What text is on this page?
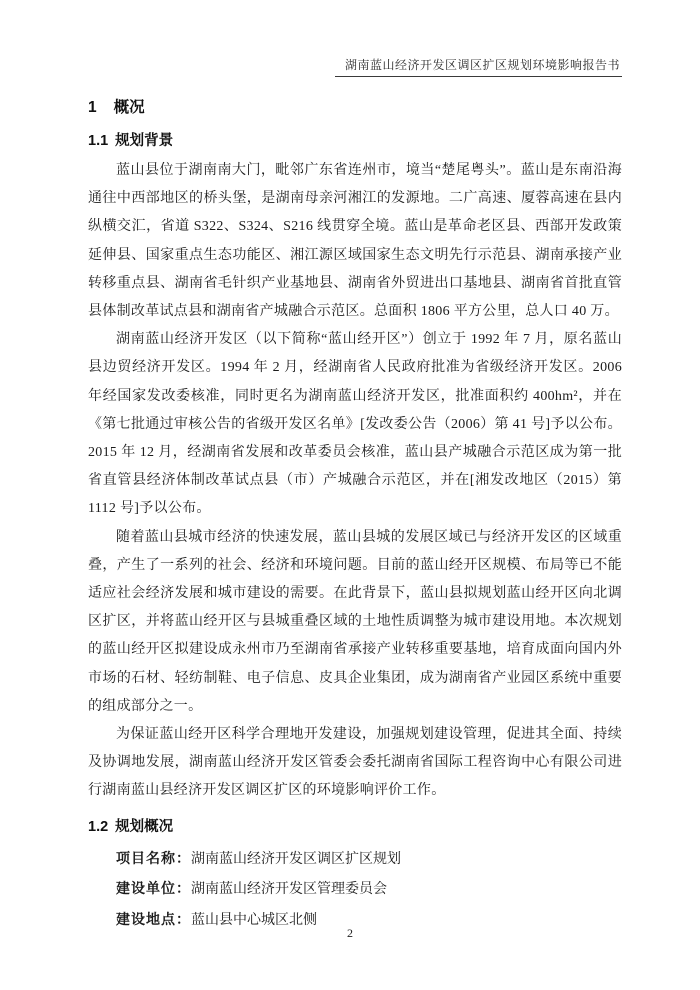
湖南蓝山经济开发区调区扩区规划环境影响报告书
1 概况
1.1 规划背景

蓝山县位于湖南南大门，毗邻广东省连州市，境当“楚尾粤头”。蓝山是东南沿海通往中西部地区的桥头堡，是湖南母亲河湘江的发源地。二广高速、厦蓉高速在县内纵横交汇，省道 S322、S324、S216 线贯穿全境。蓝山是革命老区县、西部开发政策延伸县、国家重点生态功能区、湘江源区域国家生态文明先行示范县、湖南承接产业转移重点县、湖南省毛针织产业基地县、湖南省外贸进出口基地县、湖南省首批直管县体制改革试点县和湖南省产城融合示范区。总面积 1806 平方公里，总人口 40 万。

湖南蓝山经济开发区（以下简称“蓝山经开区”）创立于 1992 年 7 月，原名蓝山县边贸经济开发区。1994 年 2 月，经湖南省人民政府批准为省级经济开发区。2006 年经国家发改委核准，同时更名为湖南蓝山经济开发区，批准面积约 400hm²，并在《第七批通过审核公告的省级开发区名单》[发改委公告（2006）第 41 号]予以公布。2015 年 12 月，经湖南省发展和改革委员会核准，蓝山县产城融合示范区成为第一批省直管县经济体制改革试点县（市）产城融合示范区，并在[湘发改地区（2015）第 1112 号]予以公布。

随着蓝山县城市经济的快速发展，蓝山县城的发展区域已与经济开发区的区域重叠，产生了一系列的社会、经济和环境问题。目前的蓝山经开区规模、布局等已不能适应社会经济发展和城市建设的需要。在此背景下，蓝山县拟规划蓝山经开区向北调区扩区，并将蓝山经开区与县城重叠区域的土地性质调整为城市建设用地。本次规划的蓝山经开区拟建设成永州市乃至湖南省承接产业转移重要基地，培育成面向国内外市场的石材、轻纺制鞋、电子信息、皮具企业集团，成为湖南省产业园区系统中重要的组成部分之一。

为保证蓝山经开区科学合理地开发建设，加强规划建设管理，促进其全面、持续及协调地发展，湖南蓝山经济开发区管委会委托湖南省国际工程咨询中心有限公司进行湖南蓝山县经济开发区调区扩区的环境影响评价工作。

1.2 规划概况
项目名称：湖南蓝山经济开发区调区扩区规划
建设单位：湖南蓝山经济开发区管理委员会
建设地点：蓝山县中心城区北侧
2
